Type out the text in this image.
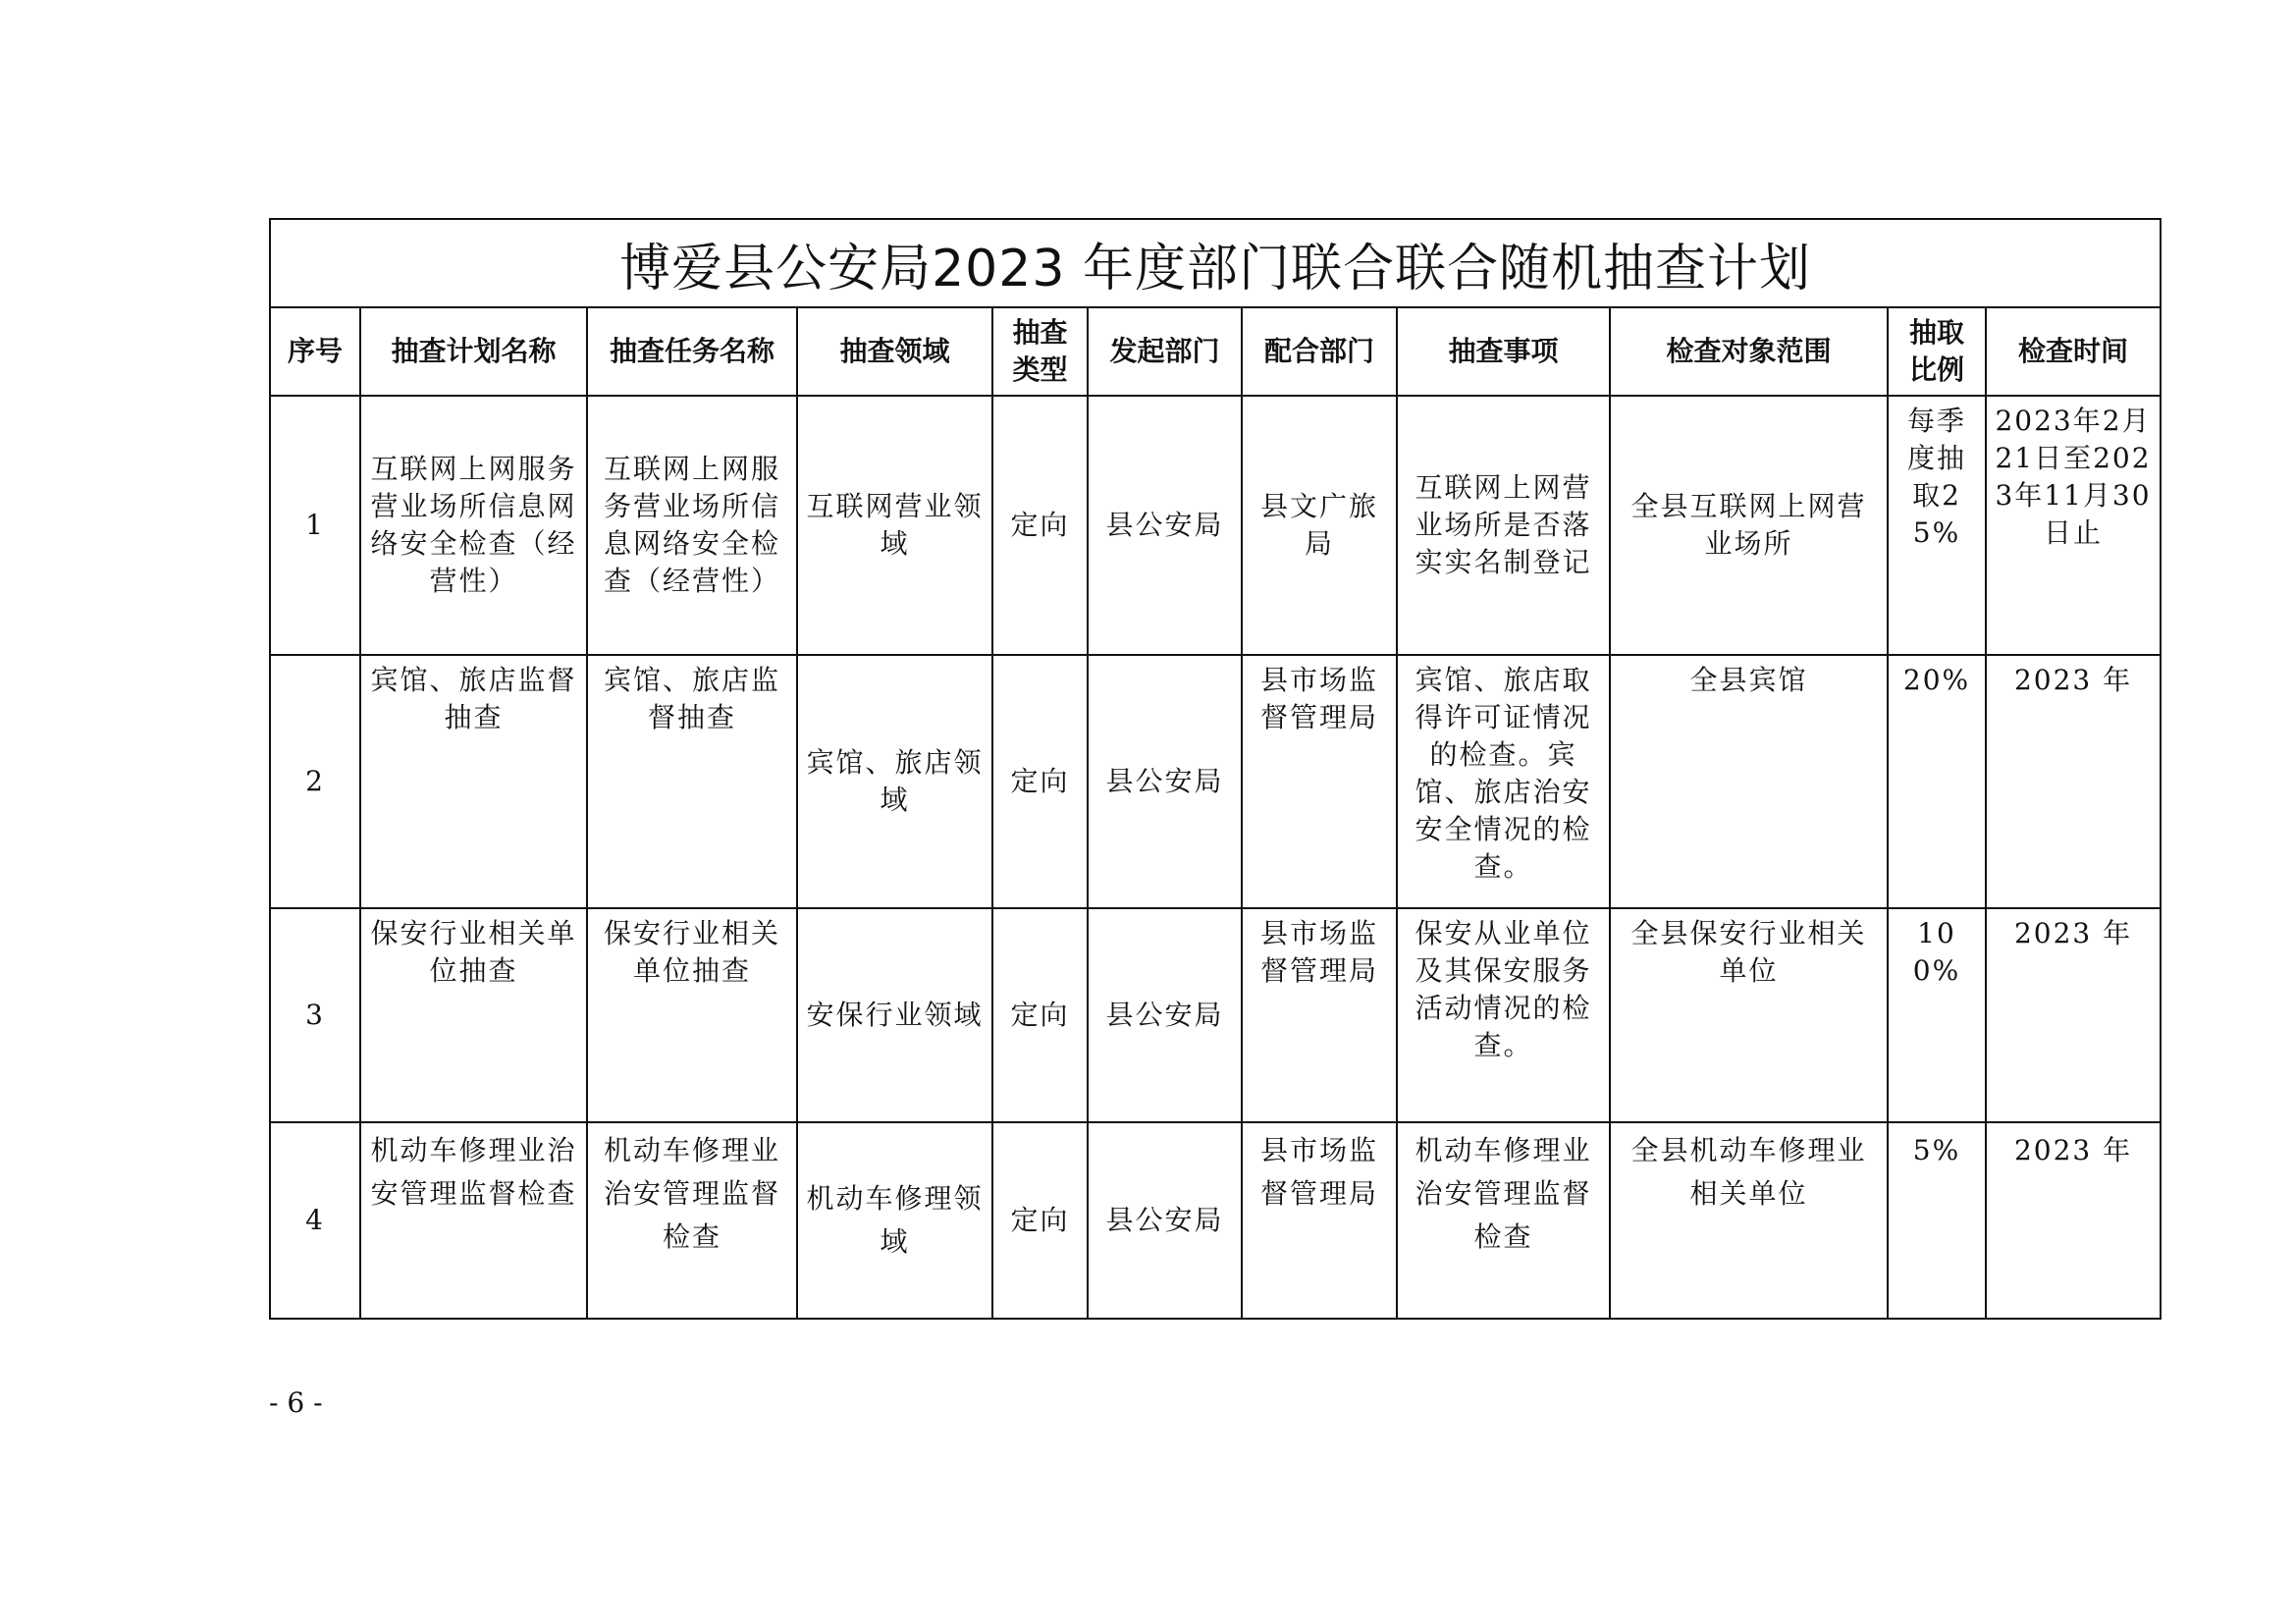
博爱县公安局2023 年度部门联合联合随机抽查计划										
序号	抽查计划名称	抽查任务名称	抽查领域	抽查类型	发起部门	配合部门	抽查事项	检查对象范围	抽取比例	检查时间
1	互联网上网服务营业场所信息网络安全检查（经营性）	互联网上网服务营业场所信息网络安全检查（经营性）	互联网营业领域	定向	县公安局	县文广旅局	互联网上网营业场所是否落实实名制登记	全县互联网上网营业场所	每季度抽取25%	2023年2月21日至2023年11月30日止
2	宾馆、旅店监督抽查	宾馆、旅店监督抽查	宾馆、旅店领域	定向	县公安局	县市场监督管理局	宾馆、旅店取得许可证情况的检查。宾馆、旅店治安安全情况的检查。	全县宾馆	20%	2023 年
3	保安行业相关单位抽查	保安行业相关单位抽查	安保行业领域	定向	县公安局	县市场监督管理局	保安从业单位及其保安服务活动情况的检查。	全县保安行业相关单位	100%	2023 年
4	机动车修理业治安管理监督检查	机动车修理业治安管理监督检查	机动车修理领域	定向	县公安局	县市场监督管理局	机动车修理业治安管理监督检查	全县机动车修理业相关单位	5%	2023 年
- 6 -
